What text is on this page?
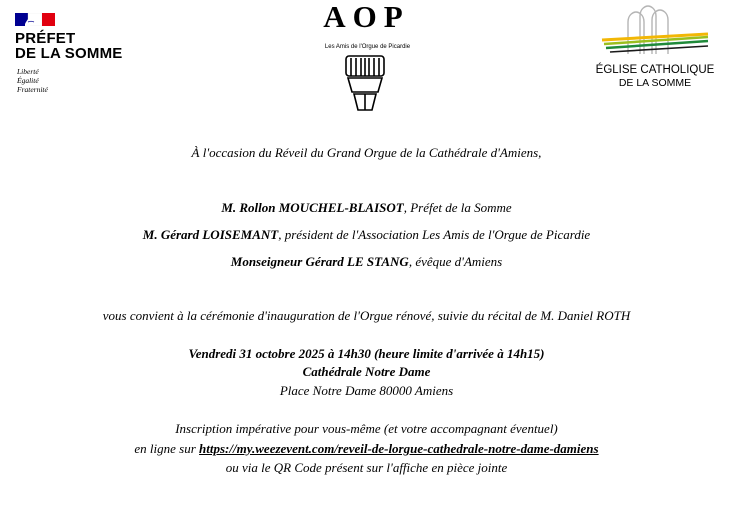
PRÉFET
DE LA SOMME
Liberté
Égalité
Fraternité
AOP
Les Amis de l'Orgue de Picardie
ÉGLISE CATHOLIQUE
DE LA SOMME
À l'occasion du Réveil du Grand Orgue de la Cathédrale d'Amiens,
M. Rollon MOUCHEL-BLAISOT, Préfet de la Somme
M. Gérard LOISEMANT, président de l'Association Les Amis de l'Orgue de Picardie
Monseigneur Gérard LE STANG, évêque d'Amiens
vous convient à la cérémonie d'inauguration de l'Orgue rénové, suivie du récital de M. Daniel ROTH
Vendredi 31 octobre 2025 à 14h30 (heure limite d'arrivée à 14h15)
Cathédrale Notre Dame
Place Notre Dame 80000 Amiens
Inscription impérative pour vous-même (et votre accompagnant éventuel)
en ligne sur https://my.weezevent.com/reveil-de-lorgue-cathedrale-notre-dame-damiens
ou via le QR Code présent sur l'affiche en pièce jointe
